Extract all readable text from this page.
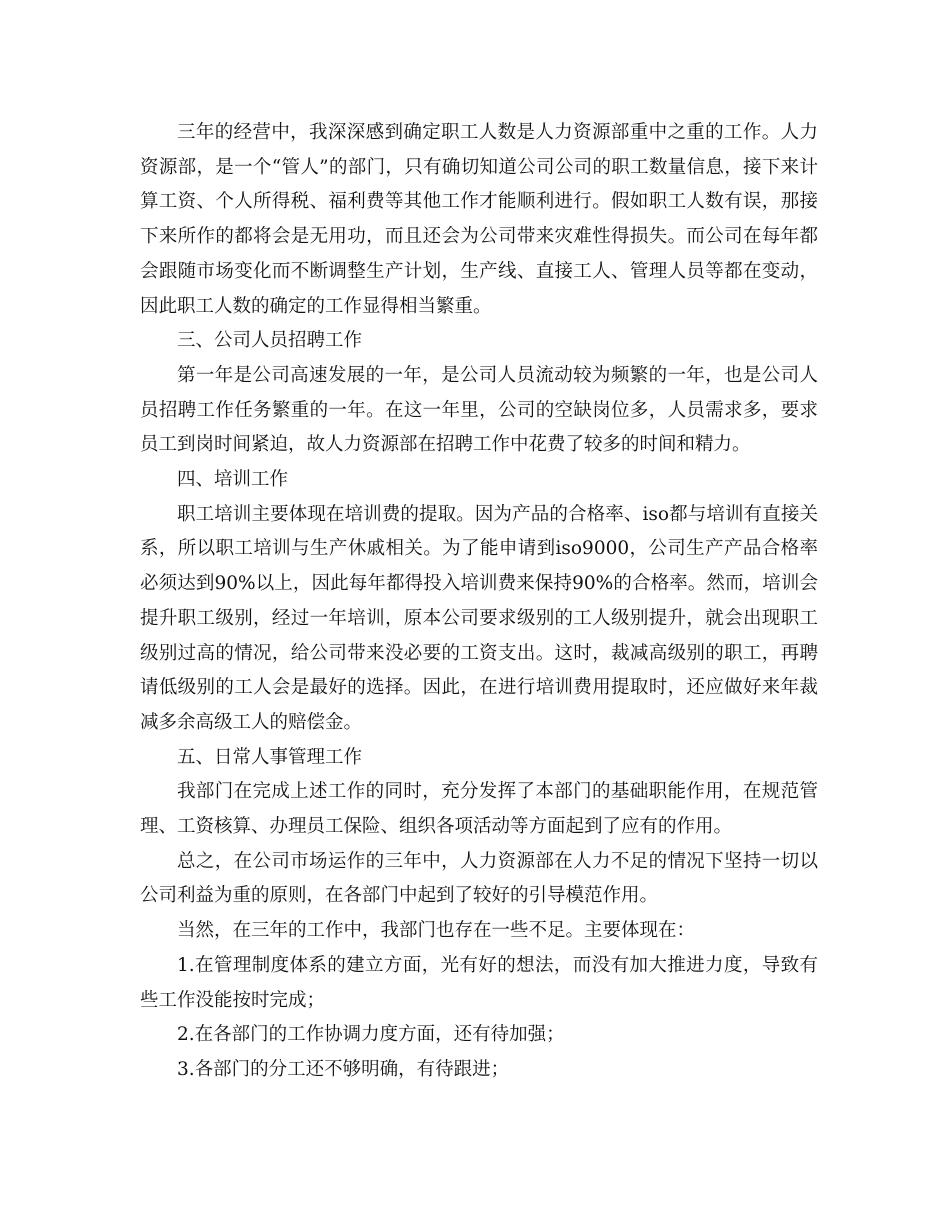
三年的经营中，我深深感到确定职工人数是人力资源部重中之重的工作。人力资源部，是一个“管人”的部门，只有确切知道公司公司的职工数量信息，接下来计算工资、个人所得税、福利费等其他工作才能顺利进行。假如职工人数有误，那接下来所作的都将会是无用功，而且还会为公司带来灾难性得损失。而公司在每年都会跟随市场变化而不断调整生产计划，生产线、直接工人、管理人员等都在变动，因此职工人数的确定的工作显得相当繁重。

三、公司人员招聘工作

第一年是公司高速发展的一年，是公司人员流动较为频繁的一年，也是公司人员招聘工作任务繁重的一年。在这一年里，公司的空缺岗位多，人员需求多，要求员工到岗时间紧迫，故人力资源部在招聘工作中花费了较多的时间和精力。

四、培训工作

职工培训主要体现在培训费的提取。因为产品的合格率、iso都与培训有直接关系，所以职工培训与生产休戚相关。为了能申请到iso9000，公司生产产品合格率必须达到90%以上，因此每年都得投入培训费来保持90%的合格率。然而，培训会提升职工级别，经过一年培训，原本公司要求级别的工人级别提升，就会出现职工级别过高的情况，给公司带来没必要的工资支出。这时，裁减高级别的职工，再聘请低级别的工人会是最好的选择。因此，在进行培训费用提取时，还应做好来年裁减多余高级工人的赔偿金。

五、日常人事管理工作

我部门在完成上述工作的同时，充分发挥了本部门的基础职能作用，在规范管理、工资核算、办理员工保险、组织各项活动等方面起到了应有的作用。

总之，在公司市场运作的三年中，人力资源部在人力不足的情况下坚持一切以公司利益为重的原则，在各部门中起到了较好的引导模范作用。

当然，在三年的工作中，我部门也存在一些不足。主要体现在：

1.在管理制度体系的建立方面，光有好的想法，而没有加大推进力度，导致有些工作没能按时完成；

2.在各部门的工作协调力度方面，还有待加强；

3.各部门的分工还不够明确，有待跟进；
